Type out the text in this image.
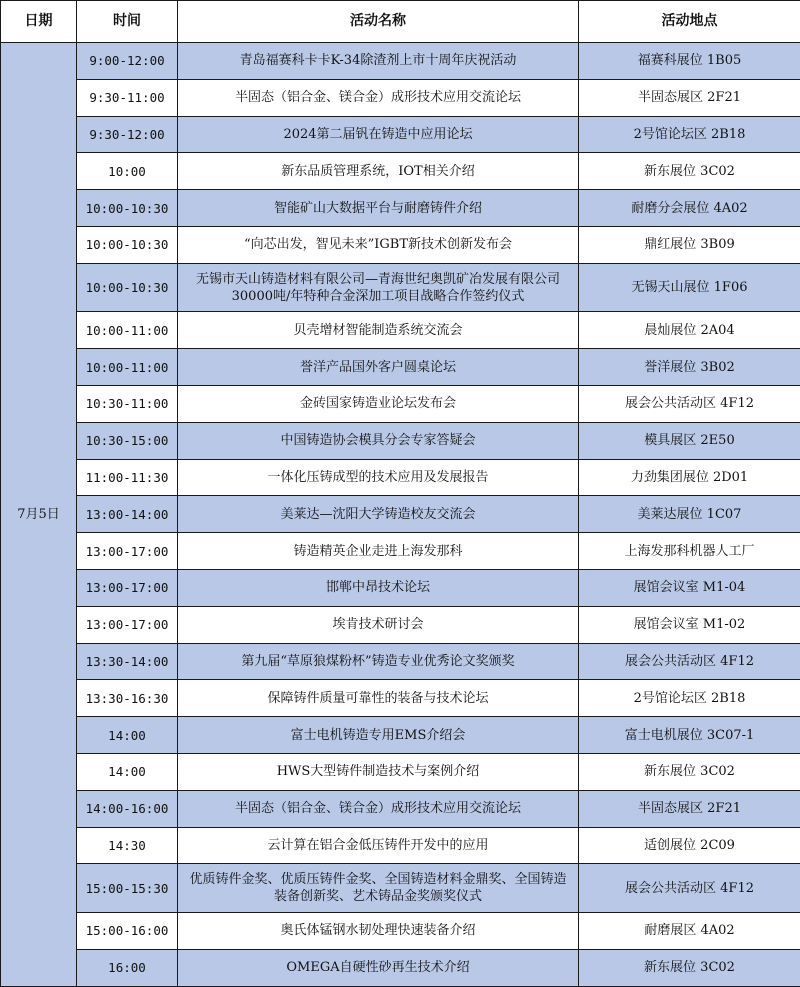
日期	时间	活动名称	活动地点
7月5日	9:00-12:00	青岛福赛科卡卡K-34除渣剂上市十周年庆祝活动	福赛科展位 1B05
	9:30-11:00	半固态（铝合金、镁合金）成形技术应用交流论坛	半固态展区 2F21
	9:30-12:00	2024第二届钒在铸造中应用论坛	2号馆论坛区 2B18
	10:00	新东品质管理系统，IOT相关介绍	新东展位 3C02
	10:00-10:30	智能矿山大数据平台与耐磨铸件介绍	耐磨分会展位 4A02
	10:00-10:30	“向芯出发，智见未来”IGBT新技术创新发布会	鼎红展位 3B09
	10:00-10:30	无锡市天山铸造材料有限公司—青海世纪奥凯矿冶发展有限公司30000吨/年特种合金深加工项目战略合作签约仪式	无锡天山展位 1F06
	10:00-11:00	贝壳增材智能制造系统交流会	晨灿展位 2A04
	10:00-11:00	誉洋产品国外客户圆桌论坛	誉洋展位 3B02
	10:30-11:00	金砖国家铸造业论坛发布会	展会公共活动区 4F12
	10:30-15:00	中国铸造协会模具分会专家答疑会	模具展区 2E50
	11:00-11:30	一体化压铸成型的技术应用及发展报告	力劲集团展位 2D01
	13:00-14:00	美莱达—沈阳大学铸造校友交流会	美莱达展位 1C07
	13:00-17:00	铸造精英企业走进上海发那科	上海发那科机器人工厂
	13:00-17:00	邯郸中昂技术论坛	展馆会议室 M1-04
	13:00-17:00	埃肯技术研讨会	展馆会议室 M1-02
	13:30-14:00	第九届“草原狼煤粉杯”铸造专业优秀论文奖颁奖	展会公共活动区 4F12
	13:30-16:30	保障铸件质量可靠性的装备与技术论坛	2号馆论坛区 2B18
	14:00	富士电机铸造专用EMS介绍会	富士电机展位 3C07-1
	14:00	HWS大型铸件制造技术与案例介绍	新东展位 3C02
	14:00-16:00	半固态（铝合金、镁合金）成形技术应用交流论坛	半固态展区 2F21
	14:30	云计算在铝合金低压铸件开发中的应用	适创展位 2C09
	15:00-15:30	优质铸件金奖、优质压铸件金奖、全国铸造材料金鼎奖、全国铸造装备创新奖、艺术铸品金奖颁奖仪式	展会公共活动区 4F12
	15:00-16:00	奥氏体锰钢水韧处理快速装备介绍	耐磨展区 4A02
	16:00	OMEGA自硬性砂再生技术介绍	新东展位 3C02
